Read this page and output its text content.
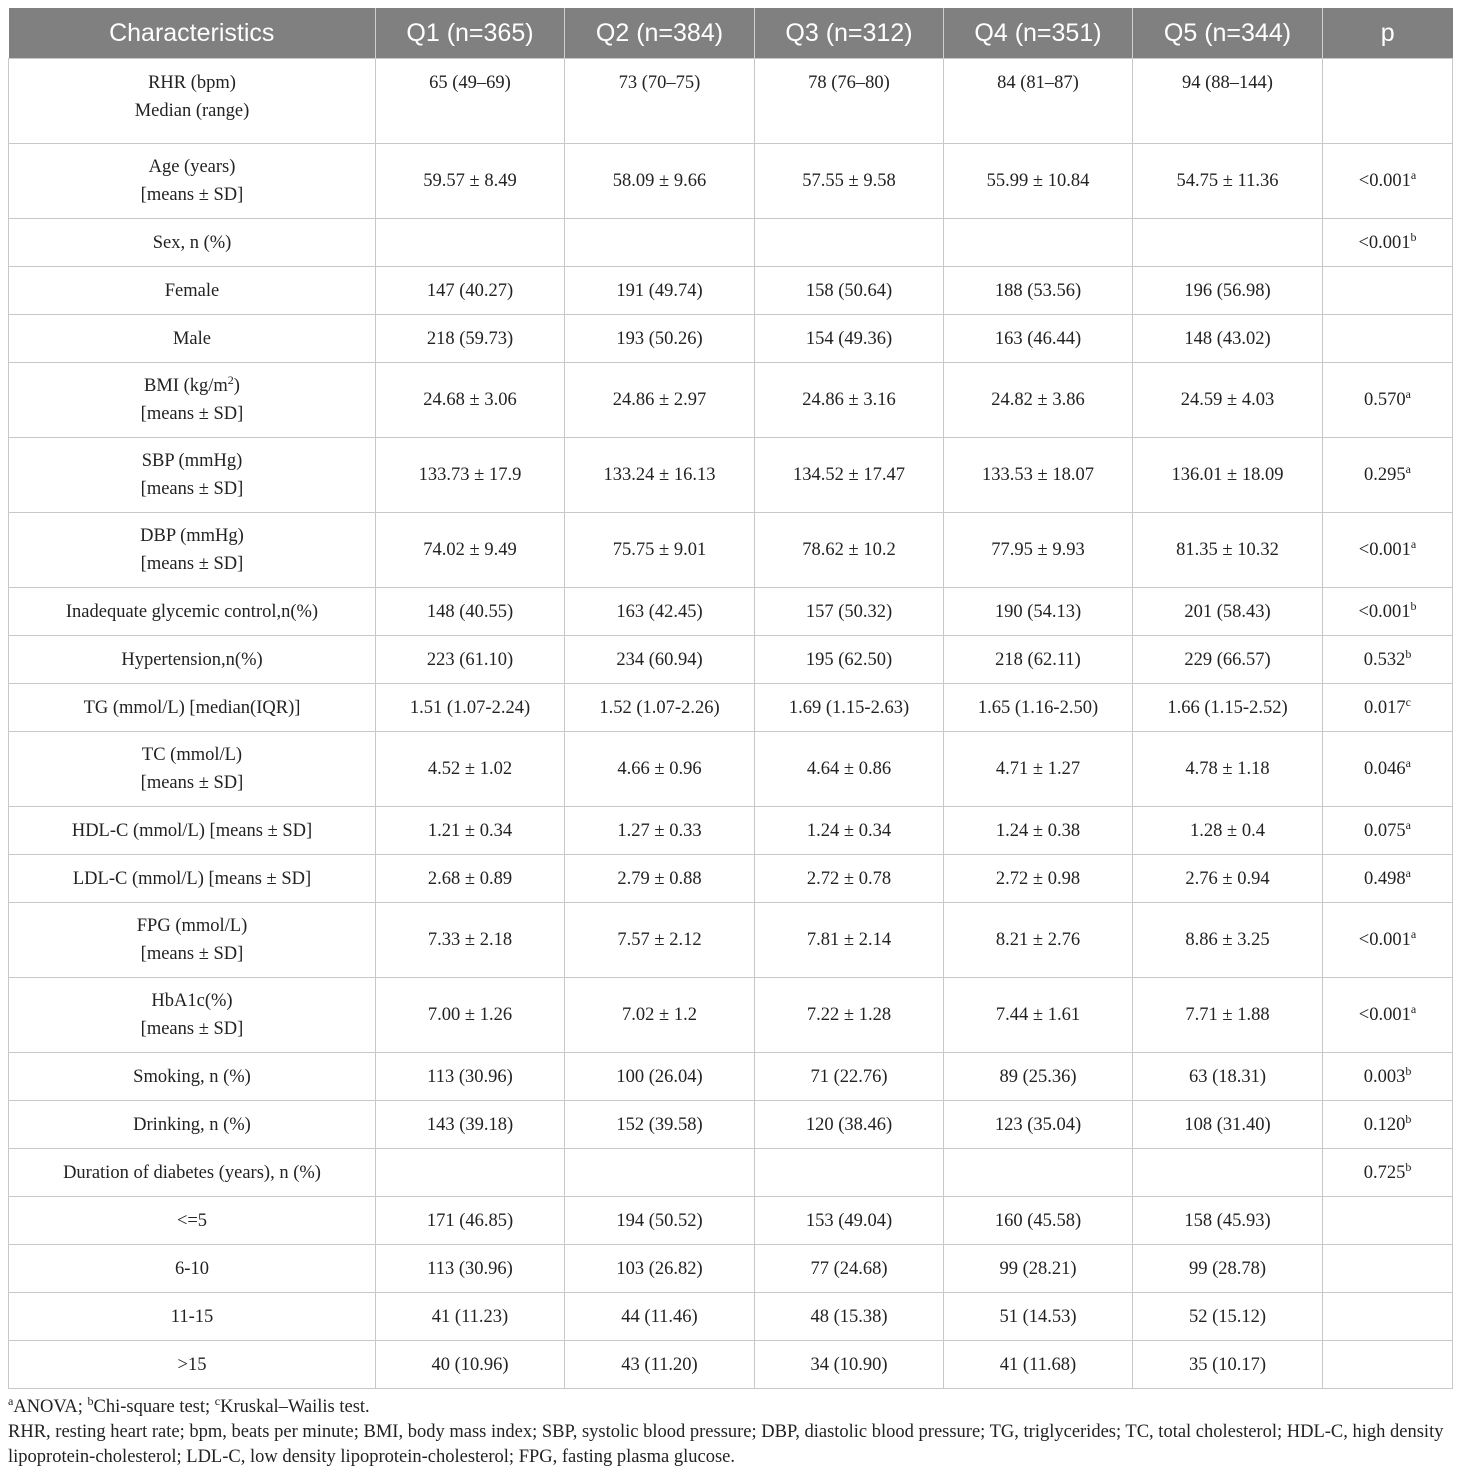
Characteristics	Q1 (n=365)	Q2 (n=384)	Q3 (n=312)	Q4 (n=351)	Q5 (n=344)	p

RHR (bpm)
Median (range)	65 (49–69)	73 (70–75)	78 (76–80)	84 (81–87)	94 (88–144)	

Age (years)
[means ± SD]	59.57 ± 8.49	58.09 ± 9.66	57.55 ± 9.58	55.99 ± 10.84	54.75 ± 11.36	<0.001$^a$

Sex, n (%)						<0.001$^b$

Female	147 (40.27)	191 (49.74)	158 (50.64)	188 (53.56)	196 (56.98)	

Male	218 (59.73)	193 (50.26)	154 (49.36)	163 (46.44)	148 (43.02)	

BMI $(kg/m^2)$
[means ± SD]	24.68 ± 3.06	24.86 ± 2.97	24.86 ± 3.16	24.82 ± 3.86	24.59 ± 4.03	0.570$^a$

SBP (mmHg)
[means ± SD]	133.73 ± 17.9	133.24 ± 16.13	134.52 ± 17.47	133.53 ± 18.07	136.01 ± 18.09	0.295$^a$

DBP (mmHg)
[means ± SD]	74.02 ± 9.49	75.75 ± 9.01	78.62 ± 10.2	77.95 ± 9.93	81.35 ± 10.32	<0.001$^a$

Inadequate glycemic control,n(%)	148 (40.55)	163 (42.45)	157 (50.32)	190 (54.13)	201 (58.43)	<0.001$^b$

Hypertension,n(%)	223 (61.10)	234 (60.94)	195 (62.50)	218 (62.11)	229 (66.57)	0.532$^b$

TG (mmol/L) [median(IQR)]	1.51 (1.07-2.24)	1.52 (1.07-2.26)	1.69 (1.15-2.63)	1.65 (1.16-2.50)	1.66 (1.15-2.52)	0.017$^c$

TC (mmol/L)
[means ± SD]	4.52 ± 1.02	4.66 ± 0.96	4.64 ± 0.86	4.71 ± 1.27	4.78 ± 1.18	0.046$^a$

HDL-C (mmol/L) [means ± SD]	1.21 ± 0.34	1.27 ± 0.33	1.24 ± 0.34	1.24 ± 0.38	1.28 ± 0.4	0.075$^a$

LDL-C (mmol/L) [means ± SD]	2.68 ± 0.89	2.79 ± 0.88	2.72 ± 0.78	2.72 ± 0.98	2.76 ± 0.94	0.498$^a$

FPG (mmol/L)
[means ± SD]	7.33 ± 2.18	7.57 ± 2.12	7.81 ± 2.14	8.21 ± 2.76	8.86 ± 3.25	<0.001$^a$

HbA1c(%)
[means ± SD]	7.00 ± 1.26	7.02 ± 1.2	7.22 ± 1.28	7.44 ± 1.61	7.71 ± 1.88	<0.001$^a$

Smoking, n (%)	113 (30.96)	100 (26.04)	71 (22.76)	89 (25.36)	63 (18.31)	0.003$^b$

Drinking, n (%)	143 (39.18)	152 (39.58)	120 (38.46)	123 (35.04)	108 (31.40)	0.120$^b$

Duration of diabetes (years), n (%)						0.725$^b$

<=5	171 (46.85)	194 (50.52)	153 (49.04)	160 (45.58)	158 (45.93)	

6-10	113 (30.96)	103 (26.82)	77 (24.68)	99 (28.21)	99 (28.78)	

11-15	41 (11.23)	44 (11.46)	48 (15.38)	51 (14.53)	52 (15.12)	

>15	40 (10.96)	43 (11.20)	34 (10.90)	41 (11.68)	35 (10.17)	

$^a$ANOVA; $^b$Chi-square test; $^c$Kruskal–Wailis test.

RHR, resting heart rate; bpm, beats per minute; BMI, body mass index; SBP, systolic blood pressure; DBP, diastolic blood pressure; TG, triglycerides; TC, total cholesterol; HDL-C, high density lipoprotein-cholesterol; LDL-C, low density lipoprotein-cholesterol; FPG, fasting plasma glucose.
